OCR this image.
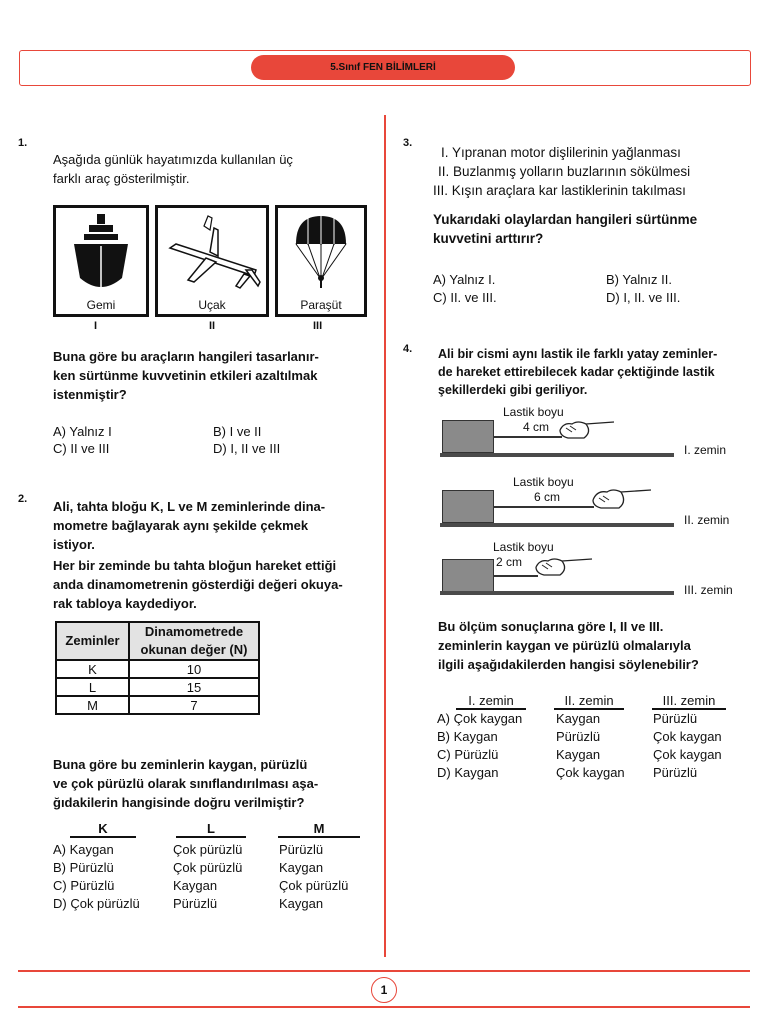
5.Sınıf FEN BİLİMLERİ
1.
Aşağıda günlük hayatımızda kullanılan üç
farklı araç gösterilmiştir.
Gemi	Uçak	Paraşüt
I	II	III
Buna göre bu araçların hangileri tasarlanır-
ken sürtünme kuvvetinin etkileri azaltılmak
istenmiştir?
A) Yalnız I	B) I ve II
C) II ve III	D) I, II ve III
2. Ali, tahta bloğu K, L ve M zeminlerinde dina-
mometre bağlayarak aynı şekilde çekmek
istiyor.
Her bir zeminde bu tahta bloğun hareket ettiği
anda dinamometrenin gösterdiği değeri okuya-
rak tabloya kaydediyor.
Zeminler	Dinamometrede
okunan değer (N)

K	10
L	15
M	7
Buna göre bu zeminlerin kaygan, pürüzlü
ve çok pürüzlü olarak sınıflandırılması aşa-
ğıdakilerin hangisinde doğru verilmiştir?
K	L	M
A) Kaygan	Çok pürüzlü	Pürüzlü
B) Pürüzlü	Çok pürüzlü	Kaygan
C) Pürüzlü	Kaygan	Çok pürüzlü
D) Çok pürüzlü	Pürüzlü	Kaygan
3.
I. Yıpranan motor dişlilerinin yağlanması
II. Buzlanmış yolların buzlarının sökülmesi
III. Kışın araçlara kar lastiklerinin takılması
Yukarıdaki olaylardan hangileri sürtünme
kuvvetini arttırır?
A) Yalnız I.	B) Yalnız II.
C) II. ve III.	D) I, II. ve III.
4. Ali bir cismi aynı lastik ile farklı yatay zeminler-
de hareket ettirebilecek kadar çektiğinde lastik
şekillerdeki gibi geriliyor.
Lastik boyu
4 cm
I. zemin
Lastik boyu
6 cm
II. zemin
Lastik boyu
2 cm
III. zemin
Bu ölçüm sonuçlarına göre I, II ve III.
zeminlerin kaygan ve pürüzlü olmalarıyla
ilgili aşağıdakilerden hangisi söylenebilir?
I. zemin	II. zemin	III. zemin
A) Çok kaygan	Kaygan	Pürüzlü
B) Kaygan	Pürüzlü	Çok kaygan
C) Pürüzlü	Kaygan	Çok kaygan
D) Kaygan	Çok kaygan Pürüzlü
1
